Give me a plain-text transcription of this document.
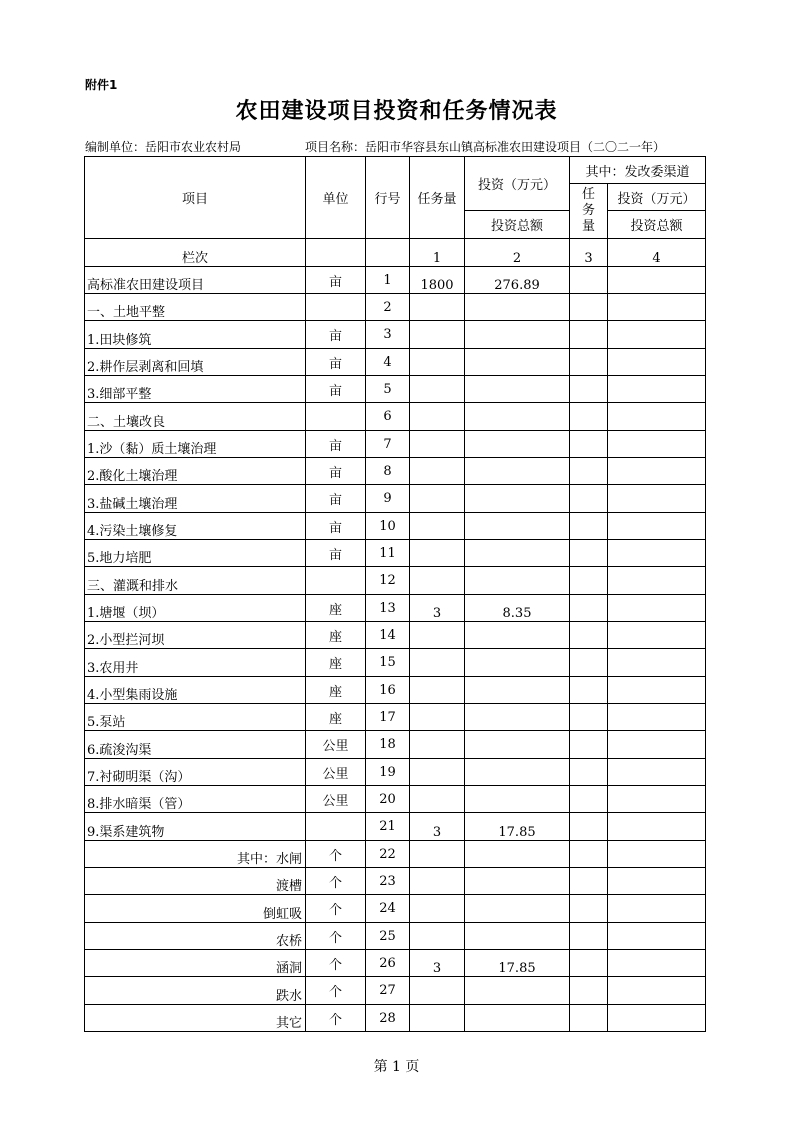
附件1
农田建设项目投资和任务情况表
编制单位：岳阳市农业农村局	项目名称：岳阳市华容县东山镇高标准农田建设项目（二〇二一年）
项目	单位	行号	任务量	投资（万元）	其中：发改委渠道	
					任务量	投资（万元）
				投资总额		投资总额
栏次			1	2	3	4
高标准农田建设项目	亩	1	1800	276.89		
一、土地平整		2				
1.田块修筑	亩	3				
2.耕作层剥离和回填	亩	4				
3.细部平整	亩	5				
二、土壤改良		6				
1.沙（黏）质土壤治理	亩	7				
2.酸化土壤治理	亩	8				
3.盐碱土壤治理	亩	9				
4.污染土壤修复	亩	10				
5.地力培肥	亩	11				
三、灌溉和排水		12				
1.塘堰（坝）	座	13	3	8.35		
2.小型拦河坝	座	14				
3.农用井	座	15				
4.小型集雨设施	座	16				
5.泵站	座	17				
6.疏浚沟渠	公里	18				
7.衬砌明渠（沟）	公里	19				
8.排水暗渠（管）	公里	20				
9.渠系建筑物		21	3	17.85		
其中：水闸	个	22				
渡槽	个	23				
倒虹吸	个	24				
农桥	个	25				
涵洞	个	26	3	17.85		
跌水	个	27				
其它	个	28				
第 1 页
